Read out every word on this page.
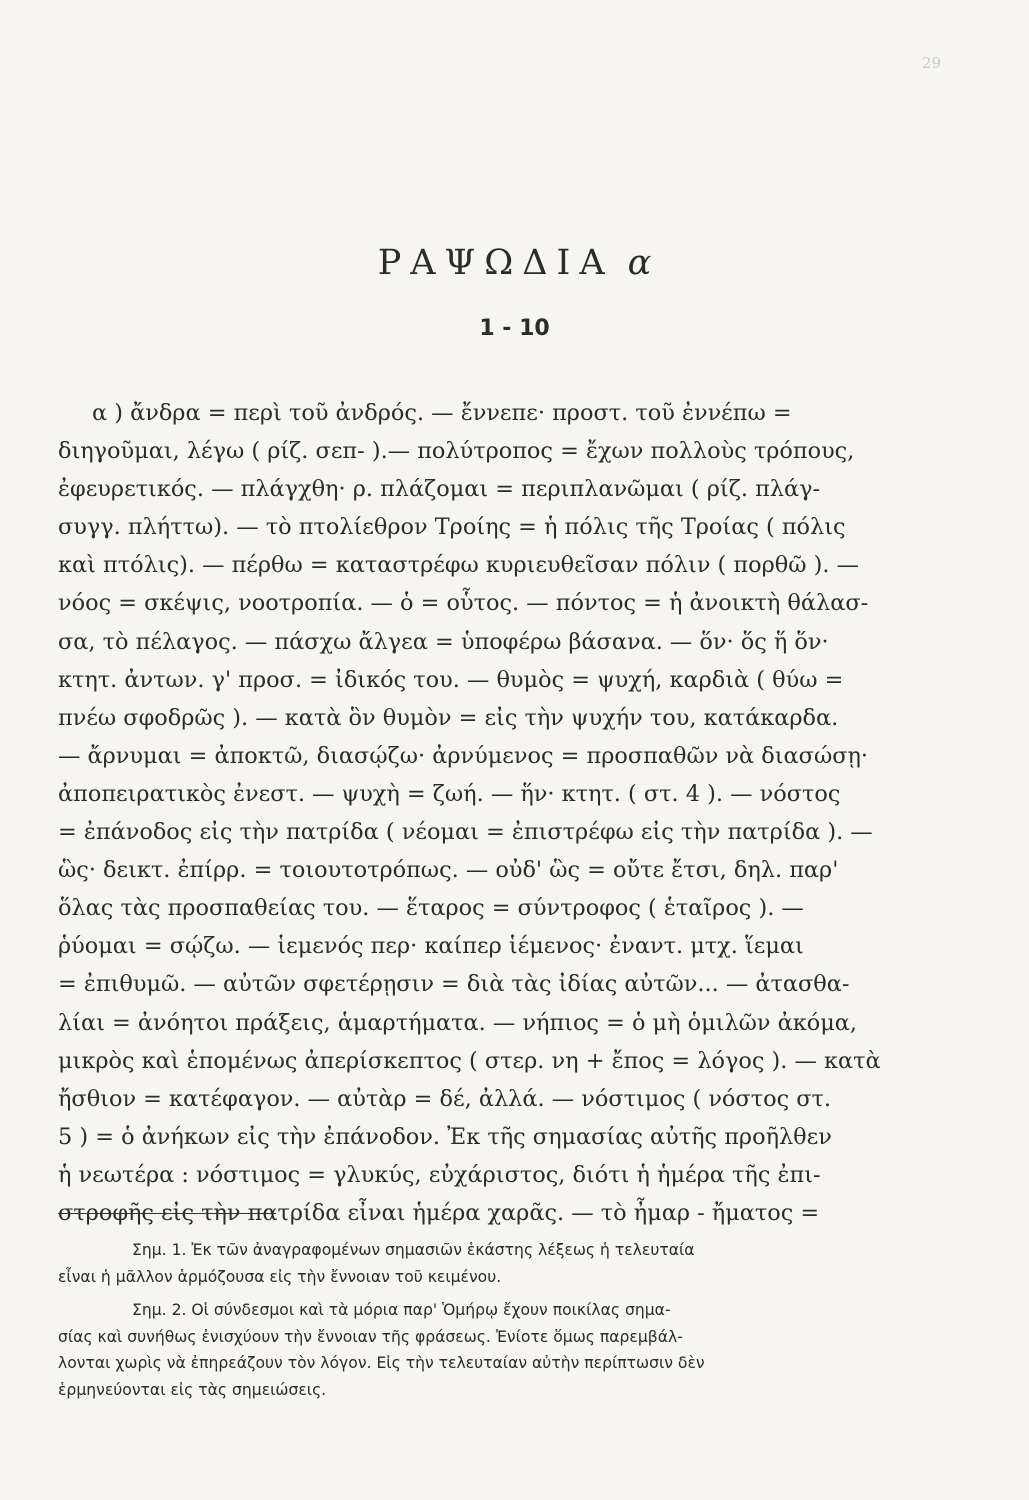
29
ΡΑΨΩΔΙΑ α
1 - 10
α ) ἄνδρα = περὶ τοῦ ἀνδρός. — ἔννεπε· προστ. τοῦ ἐννέπω =
διηγοῦμαι, λέγω ( ρίζ. σεπ- ).— πολύτροπος = ἔχων πολλοὺς τρόπους,
ἐφευρετικός. — πλάγχθη· ρ. πλάζομαι = περιπλανῶμαι ( ρίζ. πλάγ-
συγγ. πλήττω). — τὸ πτολίεθρον Τροίης = ἡ πόλις τῆς Τροίας ( πόλις
καὶ πτόλις). — πέρθω = καταστρέφω κυριευθεῖσαν πόλιν ( πορθῶ ). —
νόος = σκέψις, νοοτροπία. — ὁ = οὗτος. — πόντος = ἡ ἀνοικτὴ θάλασ-
σα, τὸ πέλαγος. — πάσχω ἄλγεα = ὑποφέρω βάσανα. — ὅν· ὅς ἥ ὅν·
κτητ. ἀντων. γ' προσ. = ἰδικός του. — θυμὸς = ψυχή, καρδιὰ ( θύω =
πνέω σφοδρῶς ). — κατὰ ὃν θυμὸν = εἰς τὴν ψυχήν του, κατάκαρδα.
— ἄρνυμαι = ἀποκτῶ, διασῴζω· ἀρνύμενος = προσπαθῶν νὰ διασώσῃ·
ἀποπειρατικὸς ἐνεστ. — ψυχὴ = ζωή. — ἥν· κτητ. ( στ. 4 ). — νόστος
= ἐπάνοδος εἰς τὴν πατρίδα ( νέομαι = ἐπιστρέφω εἰς τὴν πατρίδα ). —
ὣς· δεικτ. ἐπίρρ. = τοιουτοτρόπως. — οὐδ' ὣς = οὔτε ἔτσι, δηλ. παρ'
ὅλας τὰς προσπαθείας του. — ἕταρος = σύντροφος ( ἑταῖρος ). —
ῥύομαι = σῴζω. — ἱεμενός περ· καίπερ ἱέμενος· ἐναντ. μτχ. ἵεμαι
= ἐπιθυμῶ. — αὐτῶν σφετέρῃσιν = διὰ τὰς ἰδίας αὐτῶν... — ἀτασθα-
λίαι = ἀνόητοι πράξεις, ἁμαρτήματα. — νήπιος = ὁ μὴ ὁμιλῶν ἀκόμα,
μικρὸς καὶ ἑπομένως ἀπερίσκεπτος ( στερ. νη + ἔπος = λόγος ). — κατὰ
ἤσθιον = κατέφαγον. — αὐτὰρ = δέ, ἀλλά. — νόστιμος ( νόστος στ.
5 ) = ὁ ἀνήκων εἰς τὴν ἐπάνοδον. Ἐκ τῆς σημασίας αὐτῆς προῆλθεν
ἡ νεωτέρα : νόστιμος = γλυκύς, εὐχάριστος, διότι ἡ ἡμέρα τῆς ἐπι-
στροφῆς εἰς τὴν πατρίδα εἶναι ἡμέρα χαρᾶς. — τὸ ἦμαρ - ἤματος =
Σημ. 1. Ἐκ τῶν ἀναγραφομένων σημασιῶν ἑκάστης λέξεως ἡ τελευταία
εἶναι ἡ μᾶλλον ἁρμόζουσα εἰς τὴν ἔννοιαν τοῦ κειμένου.
Σημ. 2. Οἱ σύνδεσμοι καὶ τὰ μόρια παρ' Ὁμήρῳ ἔχουν ποικίλας σημα-
σίας καὶ συνήθως ἐνισχύουν τὴν ἔννοιαν τῆς φράσεως. Ἐνίοτε ὅμως παρεμβάλ-
λονται χωρὶς νὰ ἐπηρεάζουν τὸν λόγον. Εἰς τὴν τελευταίαν αὐτὴν περίπτωσιν δὲν
ἑρμηνεύονται εἰς τὰς σημειώσεις.
